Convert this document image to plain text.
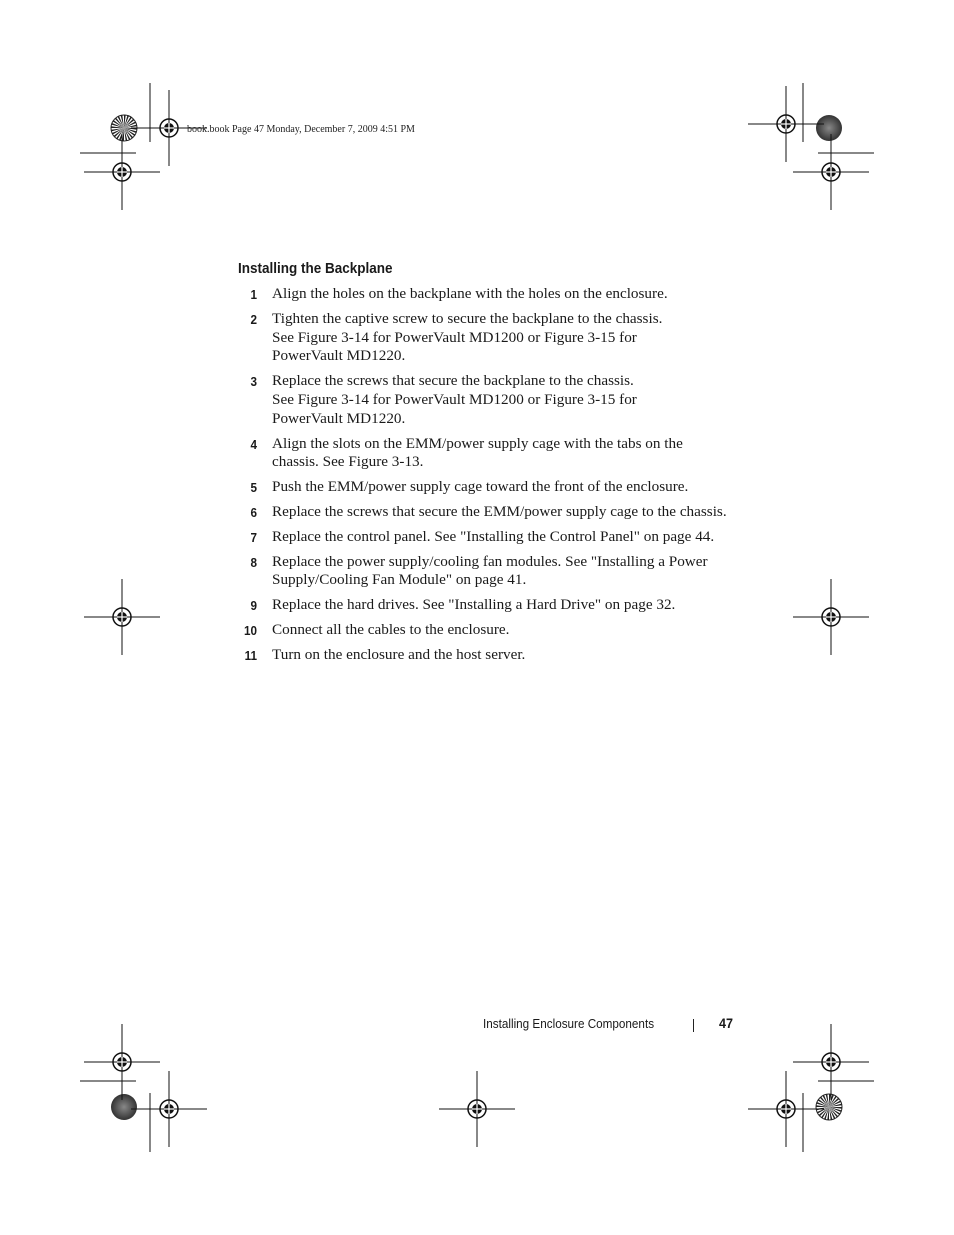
book.book Page 47 Monday, December 7, 2009 4:51 PM
Installing the Backplane
1 Align the holes on the backplane with the holes on the enclosure.
2 Tighten the captive screw to secure the backplane to the chassis.
See Figure 3-14 for PowerVault MD1200 or Figure 3-15 for
PowerVault MD1220.
3 Replace the screws that secure the backplane to the chassis.
See Figure 3-14 for PowerVault MD1200 or Figure 3-15 for
PowerVault MD1220.
4 Align the slots on the EMM/power supply cage with the tabs on the
chassis. See Figure 3-13.
5 Push the EMM/power supply cage toward the front of the enclosure.
6 Replace the screws that secure the EMM/power supply cage to the chassis.
7 Replace the control panel. See "Installing the Control Panel" on page 44.
8 Replace the power supply/cooling fan modules. See "Installing a Power
Supply/Cooling Fan Module" on page 41.
9 Replace the hard drives. See "Installing a Hard Drive" on page 32.
10 Connect all the cables to the enclosure.
11 Turn on the enclosure and the host server.
Installing Enclosure Components	47
